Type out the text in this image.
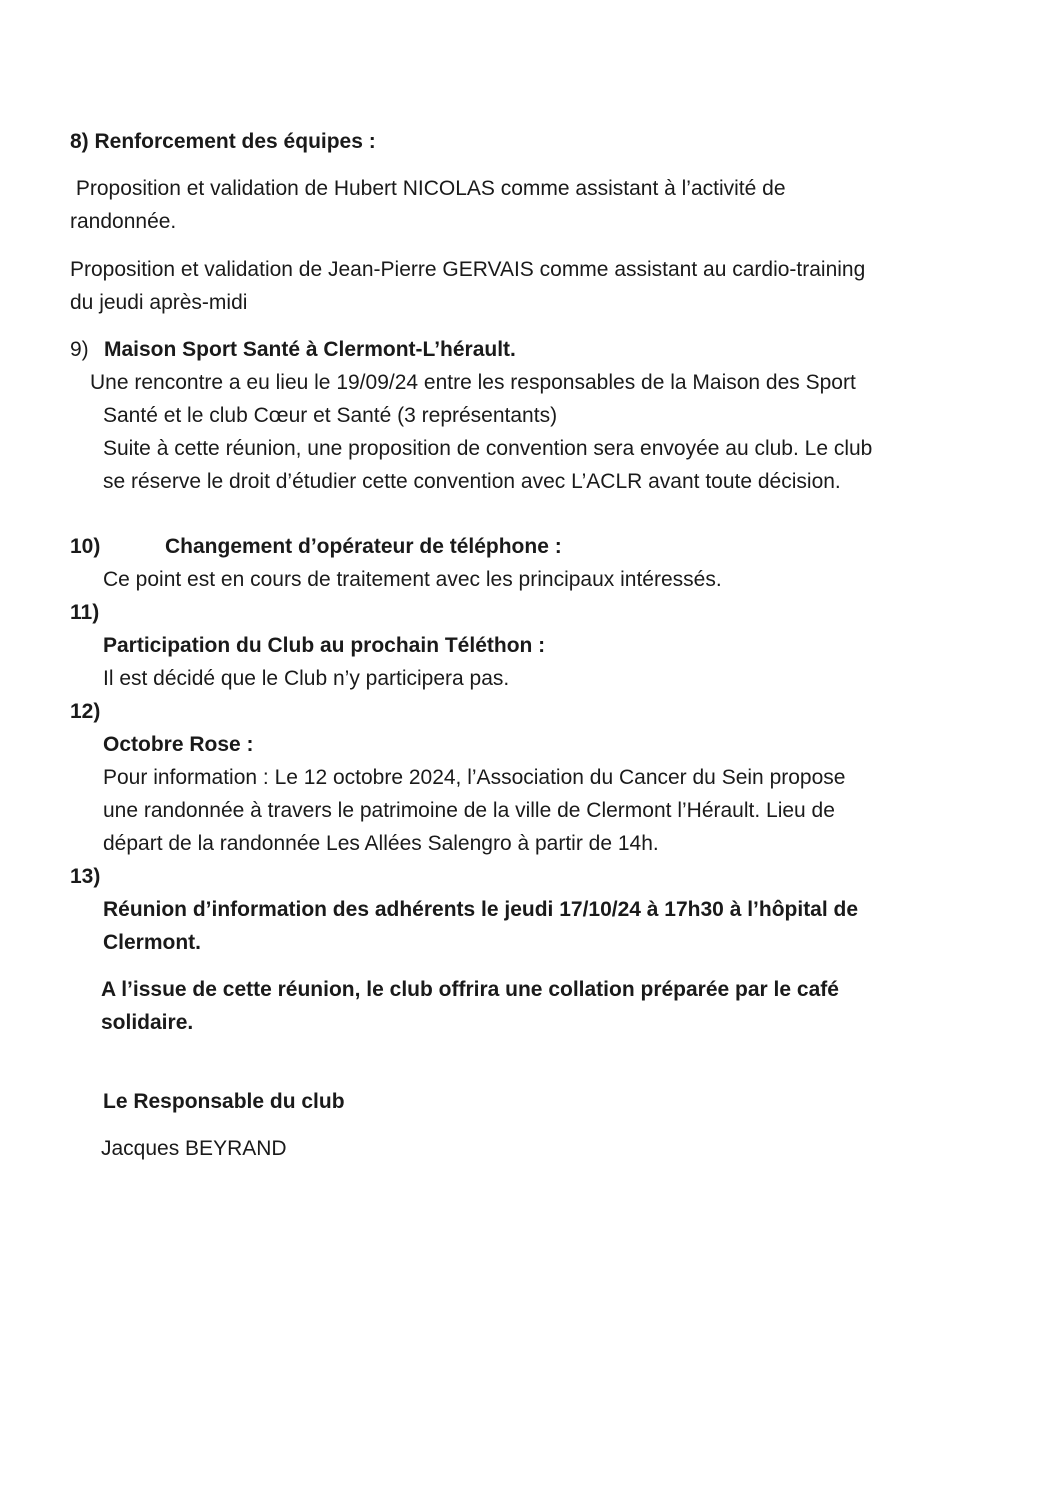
8) Renforcement des équipes :
Proposition et validation de Hubert NICOLAS comme assistant à l’activité de
randonnée.
Proposition et validation de Jean-Pierre GERVAIS comme assistant au cardio-training
du jeudi après-midi
9) Maison Sport Santé à Clermont-L’hérault.
Une rencontre a eu lieu le 19/09/24 entre les responsables de la Maison des Sport
Santé et le club Cœur et Santé (3 représentants)
Suite à cette réunion, une proposition de convention sera envoyée au club. Le club
se réserve le droit d’étudier cette convention avec L’ACLR avant toute décision.
10)	Changement d’opérateur de téléphone :
Ce point est en cours de traitement avec les principaux intéressés.
11)
Participation du Club au prochain Téléthon :
Il est décidé que le Club n’y participera pas.
12)
Octobre Rose :
Pour information : Le 12 octobre 2024, l’Association du Cancer du Sein propose
une randonnée à travers le patrimoine de la ville de Clermont l’Hérault. Lieu de
départ de la randonnée Les Allées Salengro à partir de 14h.
13)
Réunion d’information des adhérents le jeudi 17/10/24 à 17h30 à l’hôpital de
Clermont.
A l’issue de cette réunion, le club offrira une collation préparée par le café
solidaire.
Le Responsable du club
Jacques BEYRAND
